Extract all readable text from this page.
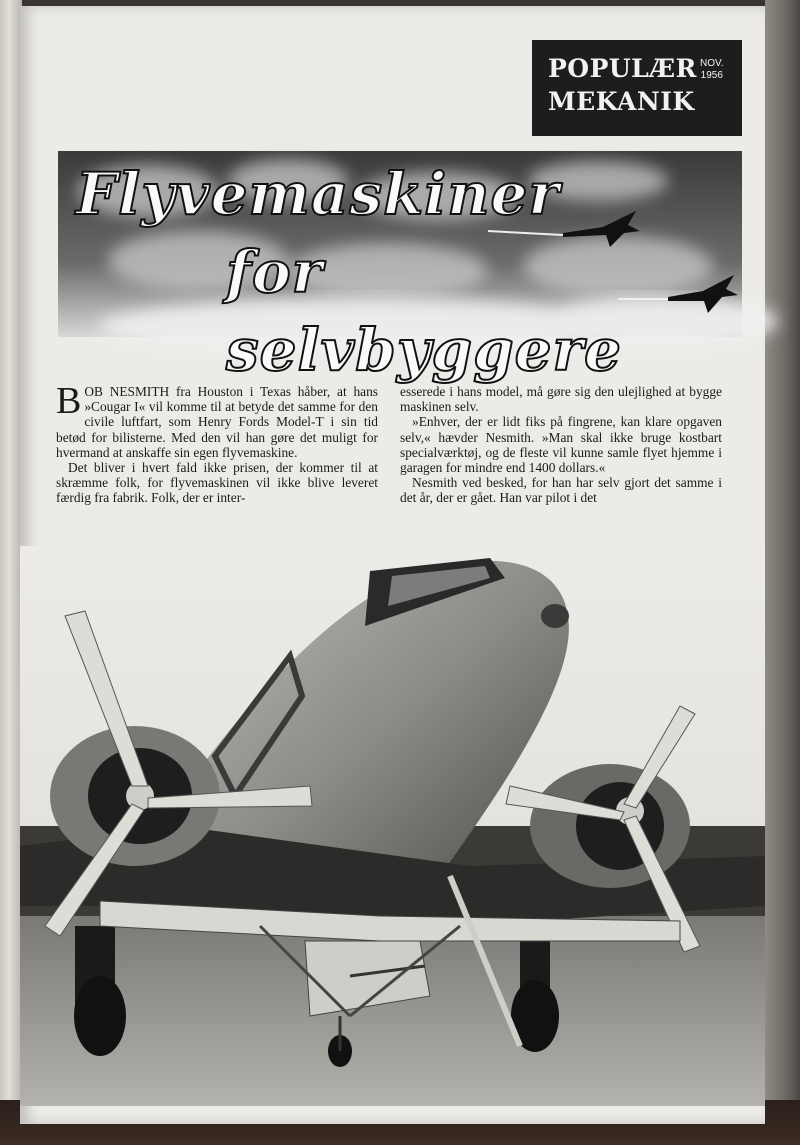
POPULÆR
MEKANIK
NOV.
1956
Flyvemaskiner
for selvbyggere

BOB NESMITH fra Houston i Texas håber, at hans »Cougar I« vil komme til at betyde det samme for den civile luftfart, som Henry Fords Model-T i sin tid betød for bilisterne. Med den vil han gøre det muligt for hvermand at anskaffe sin egen flyvemaskine.

Det bliver i hvert fald ikke prisen, der kommer til at skræmme folk, for flyvemaskinen vil ikke blive leveret færdig fra fabrik. Folk, der er inter-

esserede i hans model, må gøre sig den ulejlighed at bygge maskinen selv.

»Enhver, der er lidt fiks på fingrene, kan klare opgaven selv,« hævder Nesmith. »Man skal ikke bruge kostbart specialværktøj, og de fleste vil kunne samle flyet hjemme i garagen for mindre end 1400 dollars.«

Nesmith ved besked, for han har selv gjort det samme i det år, der er gået. Han var pilot i det
